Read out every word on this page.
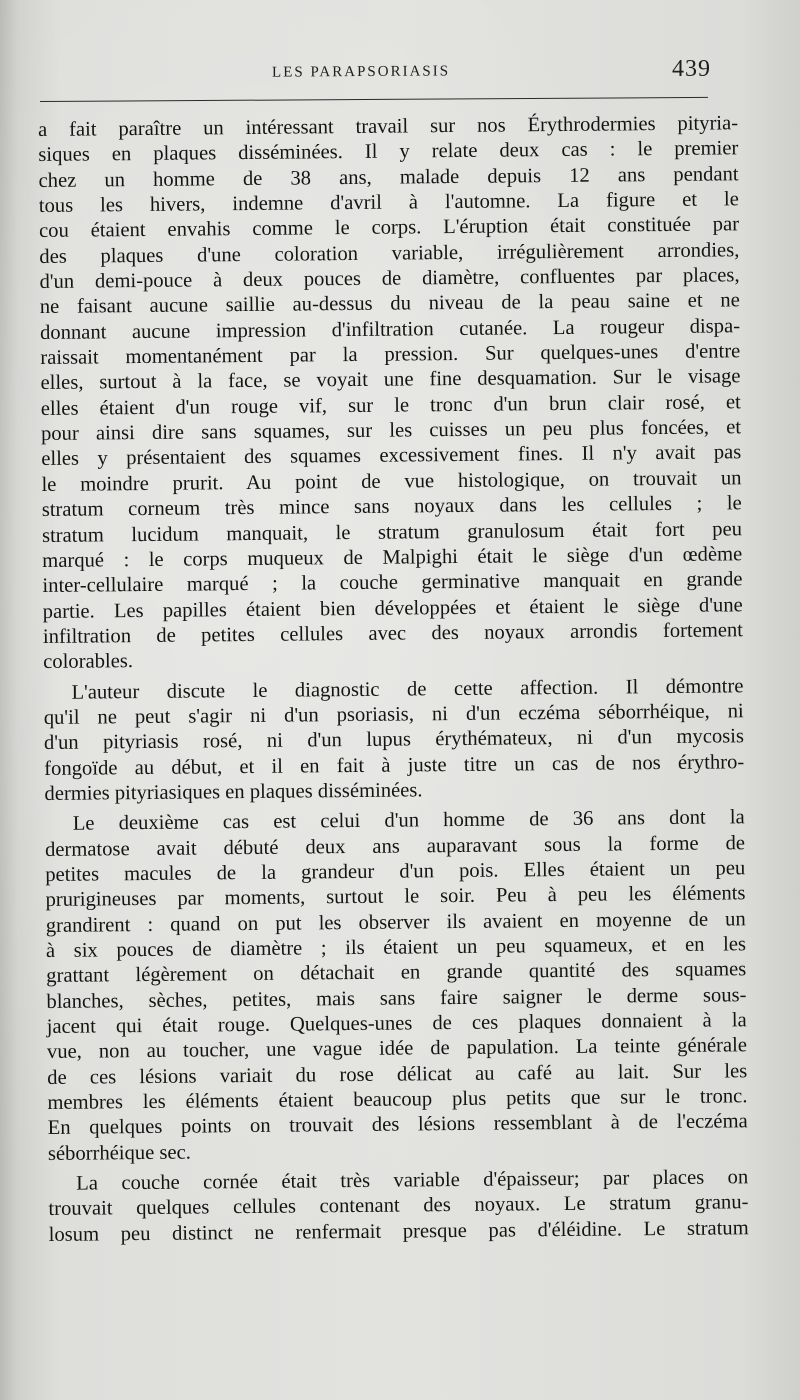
LES PARAPSORIASIS	439
a fait paraître un intéressant travail sur nos Érythrodermies pityria-
siques en plaques disséminées. Il y relate deux cas : le premier
chez un homme de 38 ans, malade depuis 12 ans pendant
tous les hivers, indemne d'avril à l'automne. La figure et le
cou étaient envahis comme le corps. L'éruption était constituée par
des plaques d'une coloration variable, irrégulièrement arrondies,
d'un demi-pouce à deux pouces de diamètre, confluentes par places,
ne faisant aucune saillie au-dessus du niveau de la peau saine et ne
donnant aucune impression d'infiltration cutanée. La rougeur dispa-
raissait momentanément par la pression. Sur quelques-unes d'entre
elles, surtout à la face, se voyait une fine desquamation. Sur le visage
elles étaient d'un rouge vif, sur le tronc d'un brun clair rosé, et
pour ainsi dire sans squames, sur les cuisses un peu plus foncées, et
elles y présentaient des squames excessivement fines. Il n'y avait pas
le moindre prurit. Au point de vue histologique, on trouvait un
stratum corneum très mince sans noyaux dans les cellules ; le
stratum lucidum manquait, le stratum granulosum était fort peu
marqué : le corps muqueux de Malpighi était le siège d'un œdème
inter-cellulaire marqué ; la couche germinative manquait en grande
partie. Les papilles étaient bien développées et étaient le siège d'une
infiltration de petites cellules avec des noyaux arrondis fortement
colorables.
L'auteur discute le diagnostic de cette affection. Il démontre
qu'il ne peut s'agir ni d'un psoriasis, ni d'un eczéma séborrhéique, ni
d'un pityriasis rosé, ni d'un lupus érythémateux, ni d'un mycosis
fongoïde au début, et il en fait à juste titre un cas de nos érythro-
dermies pityriasiques en plaques disséminées.
Le deuxième cas est celui d'un homme de 36 ans dont la
dermatose avait débuté deux ans auparavant sous la forme de
petites macules de la grandeur d'un pois. Elles étaient un peu
prurigineuses par moments, surtout le soir. Peu à peu les éléments
grandirent : quand on put les observer ils avaient en moyenne de un
à six pouces de diamètre ; ils étaient un peu squameux, et en les
grattant légèrement on détachait en grande quantité des squames
blanches, sèches, petites, mais sans faire saigner le derme sous-
jacent qui était rouge. Quelques-unes de ces plaques donnaient à la
vue, non au toucher, une vague idée de papulation. La teinte générale
de ces lésions variait du rose délicat au café au lait. Sur les
membres les éléments étaient beaucoup plus petits que sur le tronc.
En quelques points on trouvait des lésions ressemblant à de l'eczéma
séborrhéique sec.
La couche cornée était très variable d'épaisseur; par places on
trouvait quelques cellules contenant des noyaux. Le stratum granu-
losum peu distinct ne renfermait presque pas d'éléidine. Le stratum
